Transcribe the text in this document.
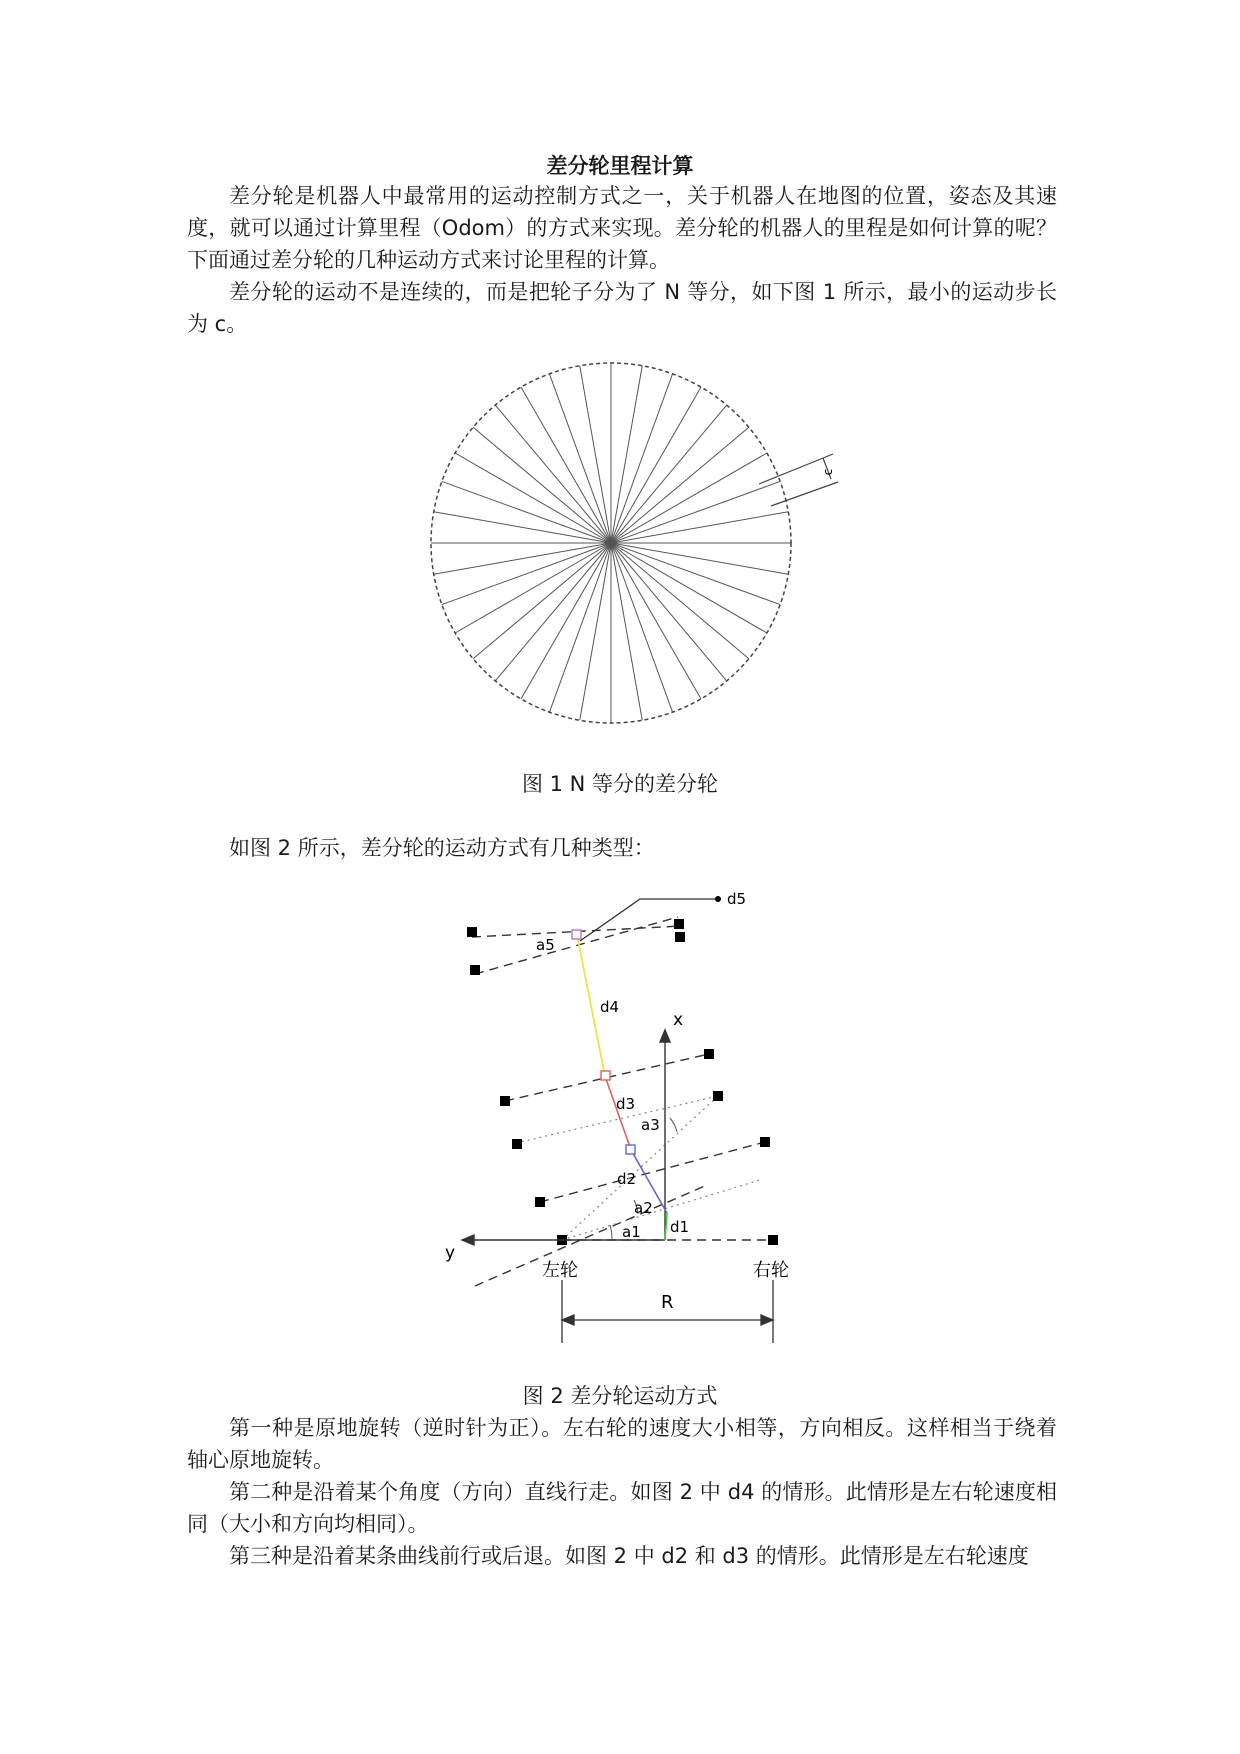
差分轮里程计算

差分轮是机器人中最常用的运动控制方式之一，关于机器人在地图的位置，姿态及其速度，就可以通过计算里程（Odom）的方式来实现。差分轮的机器人的里程是如何计算的呢？下面通过差分轮的几种运动方式来讨论里程的计算。

差分轮的运动不是连续的，而是把轮子分为了 N 等分，如下图 1 所示，最小的运动步长为 c。

c
图 1 N 等分的差分轮

如图 2 所示，差分轮的运动方式有几种类型：

x
y
d1
d2
d3
d4
d5
a1
a2
a3
a5
左轮	右轮
R
图 2 差分轮运动方式

第一种是原地旋转（逆时针为正）。左右轮的速度大小相等，方向相反。这样相当于绕着轴心原地旋转。

第二种是沿着某个角度（方向）直线行走。如图 2 中 d4 的情形。此情形是左右轮速度相同（大小和方向均相同）。

第三种是沿着某条曲线前行或后退。如图 2 中 d2 和 d3 的情形。此情形是左右轮速度
